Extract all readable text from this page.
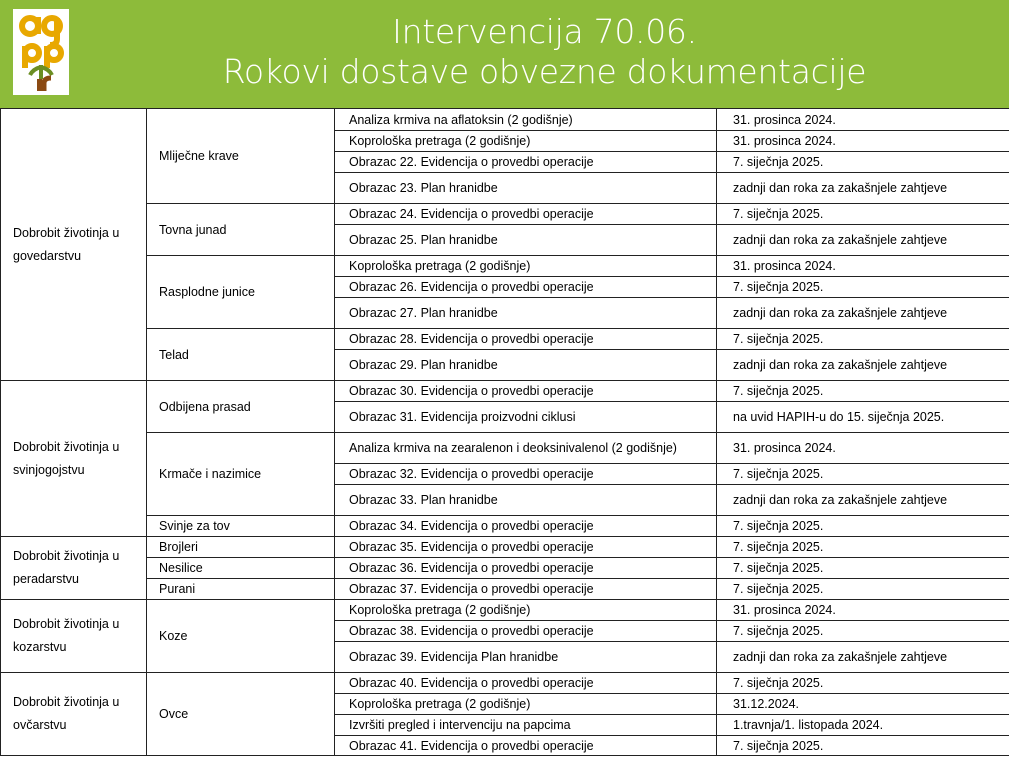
Intervencija 70.06.
Rokovi dostave obvezne dokumentacije
Dobrobit životinja u govedarstvu	Mliječne krave	Analiza krmiva na aflatoksin (2 godišnje)	31. prosinca 2024.
		Koprološka pretraga (2 godišnje)	31. prosinca 2024.
		Obrazac 22. Evidencija o provedbi operacije	7. siječnja 2025.
		Obrazac 23. Plan hranidbe	zadnji dan roka za zakašnjele zahtjeve
	Tovna junad	Obrazac 24. Evidencija o provedbi operacije	7. siječnja 2025.
		Obrazac 25. Plan hranidbe	zadnji dan roka za zakašnjele zahtjeve
	Rasplodne junice	Koprološka pretraga (2 godišnje)	31. prosinca 2024.
		Obrazac 26. Evidencija o provedbi operacije	7. siječnja 2025.
		Obrazac 27. Plan hranidbe	zadnji dan roka za zakašnjele zahtjeve
	Telad	Obrazac 28. Evidencija o provedbi operacije	7. siječnja 2025.
		Obrazac 29. Plan hranidbe	zadnji dan roka za zakašnjele zahtjeve
Dobrobit životinja u svinjogojstvu	Odbijena prasad	Obrazac 30. Evidencija o provedbi operacije	7. siječnja 2025.
		Obrazac 31. Evidencija proizvodni ciklusi	na uvid HAPIH-u do 15. siječnja 2025.
	Krmače i nazimice	Analiza krmiva na zearalenon i deoksinivalenol (2 godišnje)	31. prosinca 2024.
		Obrazac 32. Evidencija o provedbi operacije	7. siječnja 2025.
		Obrazac 33. Plan hranidbe	zadnji dan roka za zakašnjele zahtjeve
	Svinje za tov	Obrazac 34. Evidencija o provedbi operacije	7. siječnja 2025.
Dobrobit životinja u peradarstvu	Brojleri	Obrazac 35. Evidencija o provedbi operacije	7. siječnja 2025.
	Nesilice	Obrazac 36. Evidencija o provedbi operacije	7. siječnja 2025.
	Purani	Obrazac 37. Evidencija o provedbi operacije	7. siječnja 2025.
Dobrobit životinja u kozarstvu	Koze	Koprološka pretraga (2 godišnje)	31. prosinca 2024.
		Obrazac 38. Evidencija o provedbi operacije	7. siječnja 2025.
		Obrazac 39. Evidencija Plan hranidbe	zadnji dan roka za zakašnjele zahtjeve
Dobrobit životinja u ovčarstvu	Ovce	Obrazac 40. Evidencija o provedbi operacije	7. siječnja 2025.
		Koprološka pretraga (2 godišnje)	31.12.2024.
		Izvršiti pregled i intervenciju na papcima	1.travnja/1. listopada 2024.
		Obrazac 41. Evidencija o provedbi operacije	7. siječnja 2025.
